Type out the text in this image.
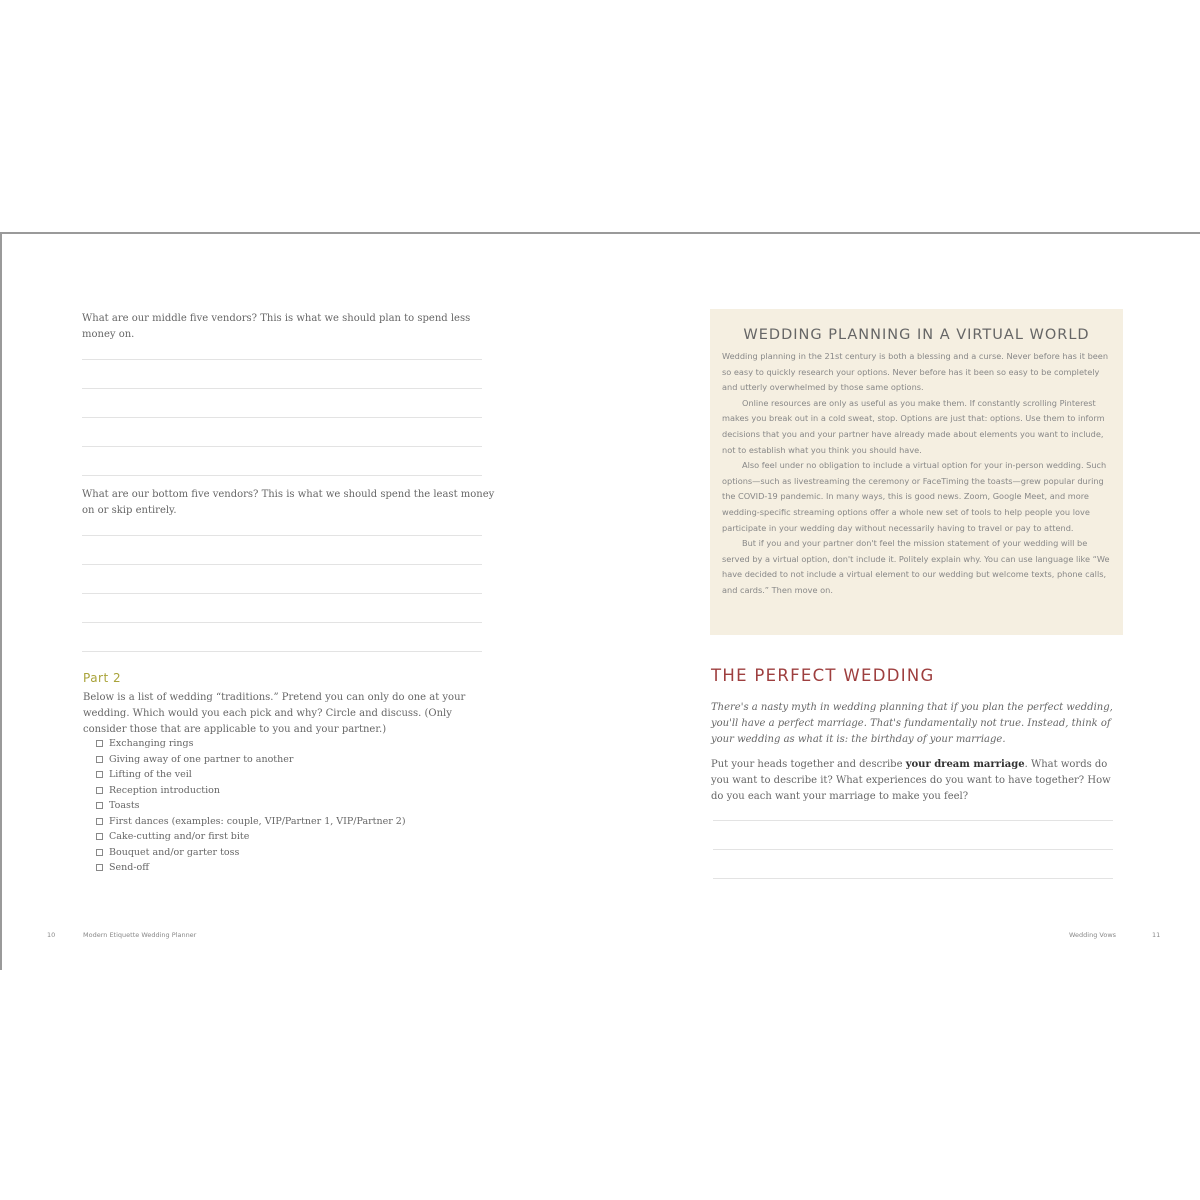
What are our middle five vendors? This is what we should plan to spend less money on.
What are our bottom five vendors? This is what we should spend the least money on or skip entirely.
Part 2
Below is a list of wedding “traditions.” Pretend you can only do one at your wedding. Which would you each pick and why? Circle and discuss. (Only consider those that are applicable to you and your partner.)
Exchanging rings
Giving away of one partner to another
Lifting of the veil
Reception introduction
Toasts
First dances (examples: couple, VIP/Partner 1, VIP/Partner 2)
Cake-cutting and/or first bite
Bouquet and/or garter toss
Send-off
10	Modern Etiquette Wedding Planner
WEDDING PLANNING IN A VIRTUAL WORLD

Wedding planning in the 21st century is both a blessing and a curse. Never before has it been so easy to quickly research your options. Never before has it been so easy to be completely and utterly overwhelmed by those same options.

Online resources are only as useful as you make them. If constantly scrolling Pinterest makes you break out in a cold sweat, stop. Options are just that: options. Use them to inform decisions that you and your partner have already made about elements you want to include, not to establish what you think you should have.

Also feel under no obligation to include a virtual option for your in-person wedding. Such options—such as livestreaming the ceremony or FaceTiming the toasts—grew popular during the COVID-19 pandemic. In many ways, this is good news. Zoom, Google Meet, and more wedding-specific streaming options offer a whole new set of tools to help people you love participate in your wedding day without necessarily having to travel or pay to attend.

But if you and your partner don't feel the mission statement of your wedding will be served by a virtual option, don't include it. Politely explain why. You can use language like “We have decided to not include a virtual element to our wedding but welcome texts, phone calls, and cards.” Then move on.

THE PERFECT WEDDING
There's a nasty myth in wedding planning that if you plan the perfect wedding, you'll have a perfect marriage. That's fundamentally not true. Instead, think of your wedding as what it is: the birthday of your marriage.
Put your heads together and describe your dream marriage. What words do you want to describe it? What experiences do you want to have together? How do you each want your marriage to make you feel?
Wedding Vows	11
